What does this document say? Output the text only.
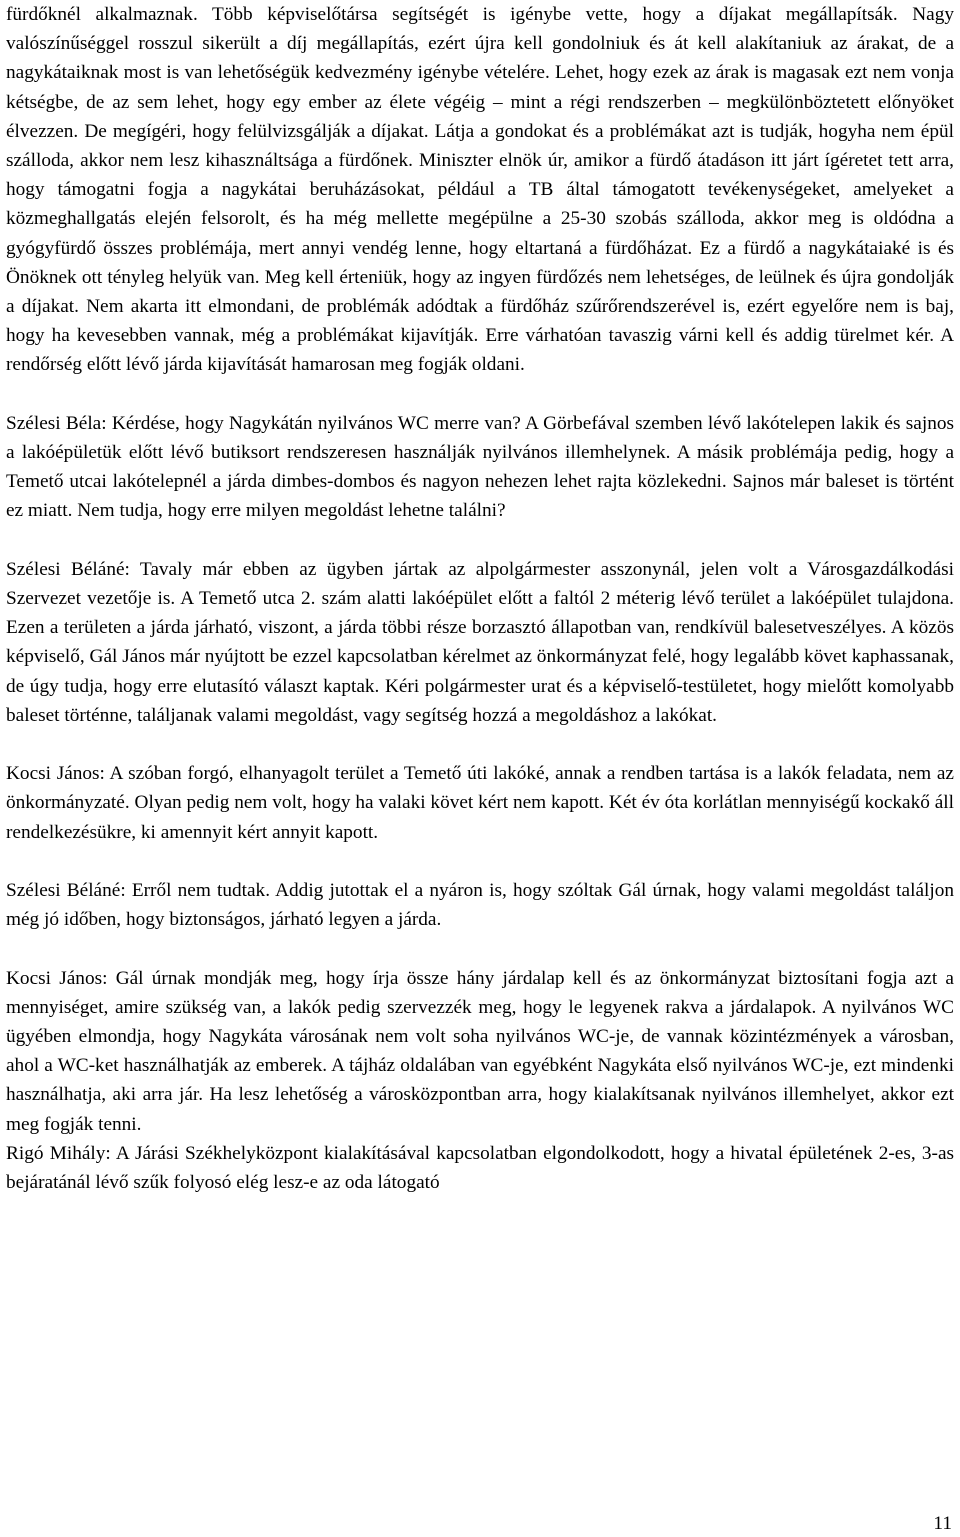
fürdőknél alkalmaznak. Több képviselőtársa segítségét is igénybe vette, hogy a díjakat megállapítsák. Nagy valószínűséggel rosszul sikerült a díj megállapítás, ezért újra kell gondolniuk és át kell alakítaniuk az árakat, de a nagykátaiknak most is van lehetőségük kedvezmény igénybe vételére. Lehet, hogy ezek az árak is magasak ezt nem vonja kétségbe, de az sem lehet, hogy egy ember az élete végéig – mint a régi rendszerben – megkülönböztetett előnyöket élvezzen. De megígéri, hogy felülvizsgálják a díjakat. Látja a gondokat és a problémákat azt is tudják, hogyha nem épül szálloda, akkor nem lesz kihasználtsága a fürdőnek. Miniszter elnök úr, amikor a fürdő átadáson itt járt ígéretet tett arra, hogy támogatni fogja a nagykátai beruházásokat, például a TB által támogatott tevékenységeket, amelyeket a közmeghallgatás elején felsorolt, és ha még mellette megépülne a 25-30 szobás szálloda, akkor meg is oldódna a gyógyfürdő összes problémája, mert annyi vendég lenne, hogy eltartaná a fürdőházat. Ez a fürdő a nagykátaiaké is és Önöknek ott tényleg helyük van. Meg kell érteniük, hogy az ingyen fürdőzés nem lehetséges, de leülnek és újra gondolják a díjakat. Nem akarta itt elmondani, de problémák adódtak a fürdőház szűrőrendszerével is, ezért egyelőre nem is baj, hogy ha kevesebben vannak, még a problémákat kijavítják. Erre várhatóan tavaszig várni kell és addig türelmet kér. A rendőrség előtt lévő járda kijavítását hamarosan meg fogják oldani.

Szélesi Béla: Kérdése, hogy Nagykátán nyilvános WC merre van? A Görbefával szemben lévő lakótelepen lakik és sajnos a lakóépületük előtt lévő butiksort rendszeresen használják nyilvános illemhelynek. A másik problémája pedig, hogy a Temető utcai lakótelepnél a járda dimbes-dombos és nagyon nehezen lehet rajta közlekedni. Sajnos már baleset is történt ez miatt. Nem tudja, hogy erre milyen megoldást lehetne találni?

Szélesi Béláné: Tavaly már ebben az ügyben jártak az alpolgármester asszonynál, jelen volt a Városgazdálkodási Szervezet vezetője is. A Temető utca 2. szám alatti lakóépület előtt a faltól 2 méterig lévő terület a lakóépület tulajdona. Ezen a területen a járda járható, viszont, a járda többi része borzasztó állapotban van, rendkívül balesetveszélyes. A közös képviselő, Gál János már nyújtott be ezzel kapcsolatban kérelmet az önkormányzat felé, hogy legalább követ kaphassanak, de úgy tudja, hogy erre elutasító választ kaptak. Kéri polgármester urat és a képviselő-testületet, hogy mielőtt komolyabb baleset történne, találjanak valami megoldást, vagy segítség hozzá a megoldáshoz a lakókat.

Kocsi János: A szóban forgó, elhanyagolt terület a Temető úti lakóké, annak a rendben tartása is a lakók feladata, nem az önkormányzaté. Olyan pedig nem volt, hogy ha valaki követ kért nem kapott. Két év óta korlátlan mennyiségű kockakő áll rendelkezésükre, ki amennyit kért annyit kapott.

Szélesi Béláné: Erről nem tudtak. Addig jutottak el a nyáron is, hogy szóltak Gál úrnak, hogy valami megoldást találjon még jó időben, hogy biztonságos, járható legyen a járda.

Kocsi János: Gál úrnak mondják meg, hogy írja össze hány járdalap kell és az önkormányzat biztosítani fogja azt a mennyiséget, amire szükség van, a lakók pedig szervezzék meg, hogy le legyenek rakva a járdalapok. A nyilvános WC ügyében elmondja, hogy Nagykáta városának nem volt soha nyilvános WC-je, de vannak közintézmények a városban, ahol a WC-ket használhatják az emberek. A tájház oldalában van egyébként Nagykáta első nyilvános WC-je, ezt mindenki használhatja, aki arra jár. Ha lesz lehetőség a városközpontban arra, hogy kialakítsanak nyilvános illemhelyet, akkor ezt meg fogják tenni.

Rigó Mihály: A Járási Székhelyközpont kialakításával kapcsolatban elgondolkodott, hogy a hivatal épületének 2-es, 3-as bejáratánál lévő szűk folyosó elég lesz-e az oda látogató

11
